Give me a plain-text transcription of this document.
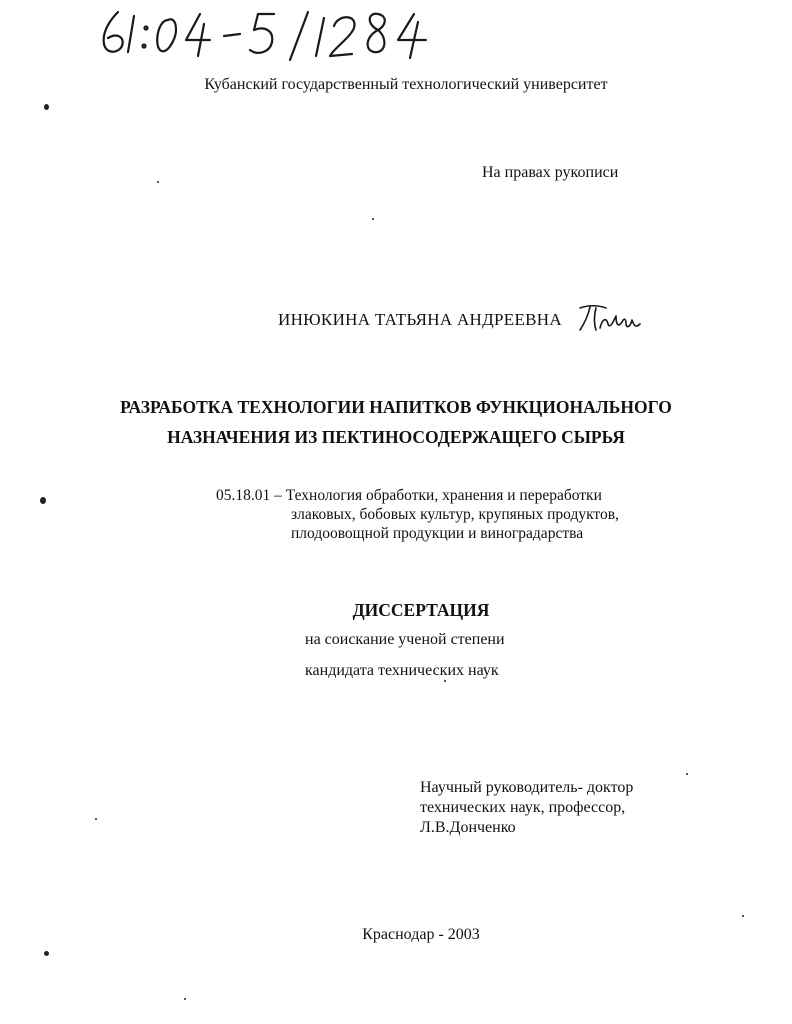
Кубанский государственный технологический университет
На правах рукописи
ИНЮКИНА ТАТЬЯНА АНДРЕЕВНА
РАЗРАБОТКА ТЕХНОЛОГИИ НАПИТКОВ ФУНКЦИОНАЛЬНОГО
НАЗНАЧЕНИЯ ИЗ ПЕКТИНОСОДЕРЖАЩЕГО СЫРЬЯ
05.18.01 – Технология обработки, хранения и переработки
злаковых, бобовых культур, крупяных продуктов,
плодоовощной продукции и виноградарства
ДИССЕРТАЦИЯ
на соискание ученой степени
кандидата технических наук
Научный руководитель- доктор
технических наук, профессор,
Л.В.Донченко
Краснодар - 2003
